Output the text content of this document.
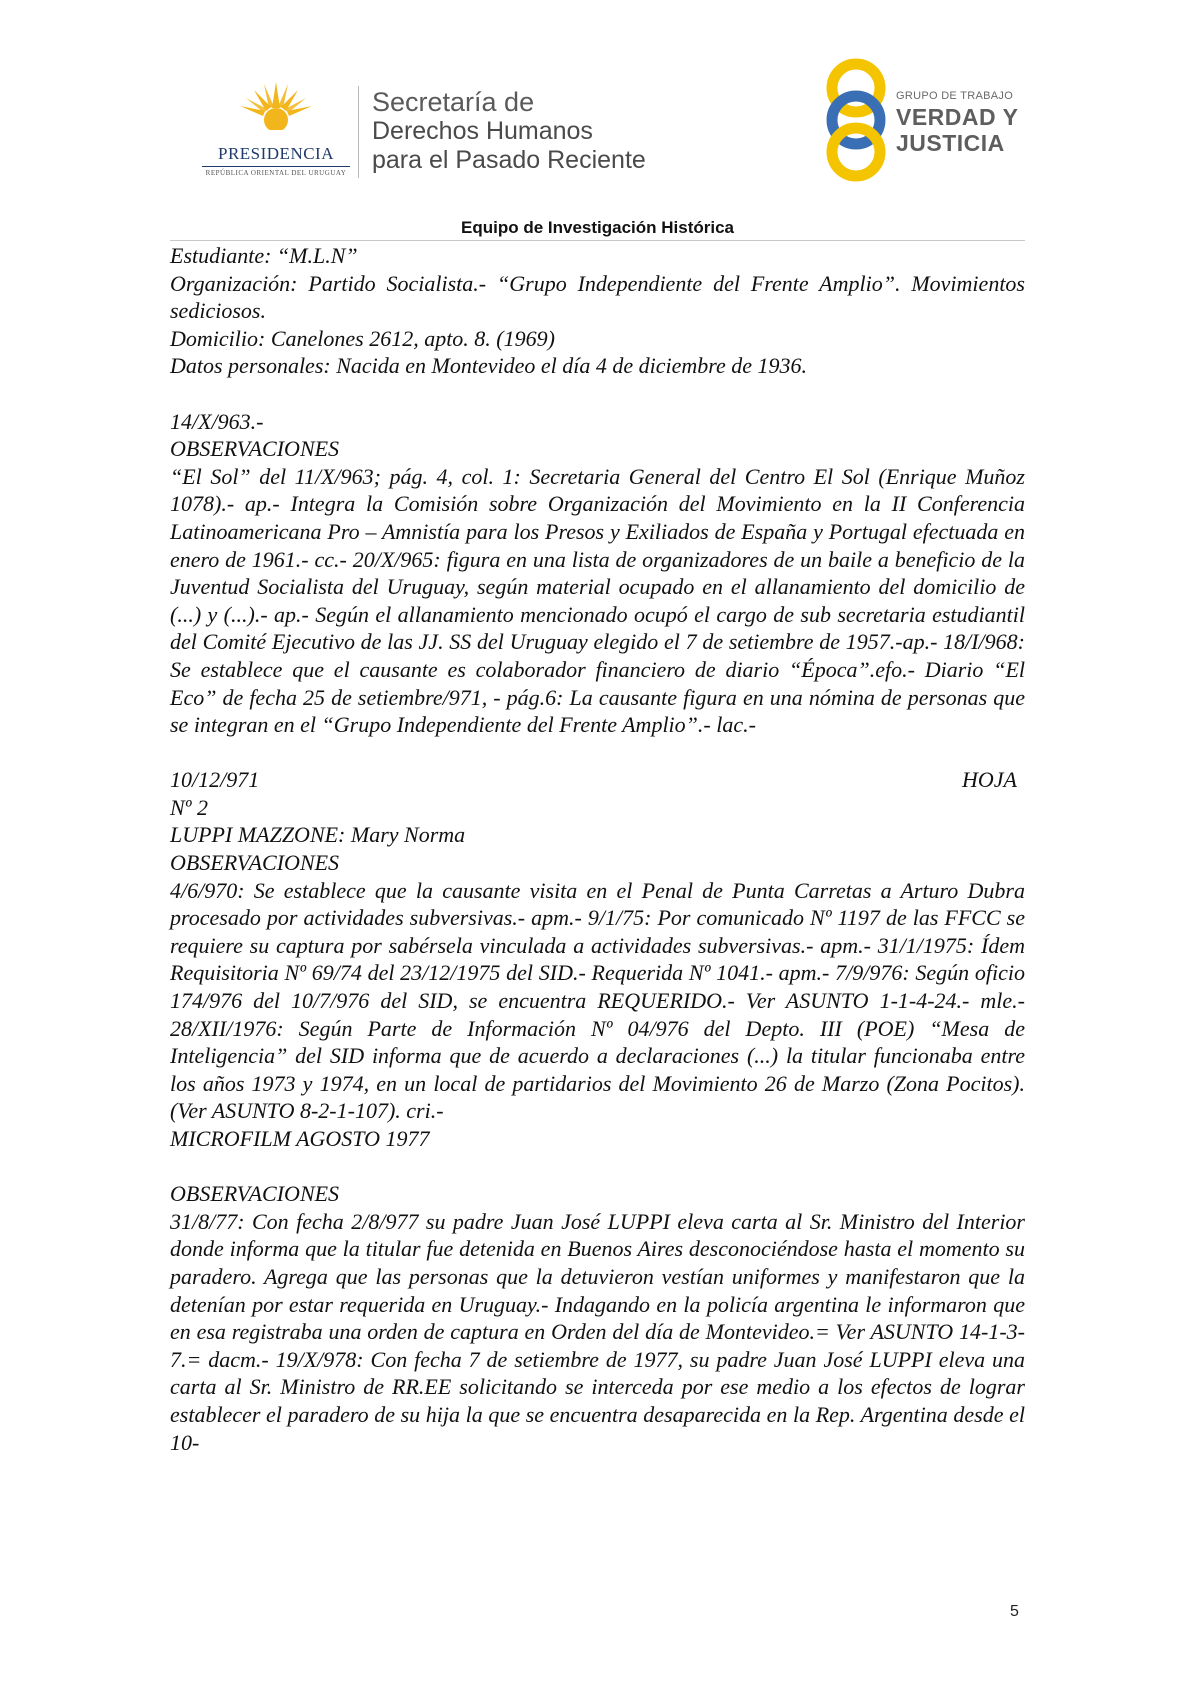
PRESIDENCIA
REPÚBLICA ORIENTAL DEL URUGUAY
Secretaría de
Derechos Humanos
para el Pasado Reciente
GRUPO DE TRABAJO
VERDAD Y
JUSTICIA
Equipo de Investigación Histórica

Estudiante: “M.L.N”

Organización: Partido Socialista.- “Grupo Independiente del Frente Amplio”. Movimientos sediciosos.

Domicilio: Canelones 2612, apto. 8. (1969)

Datos personales: Nacida en Montevideo el día 4 de diciembre de 1936.

14/X/963.-

OBSERVACIONES

“El Sol” del 11/X/963; pág. 4, col. 1: Secretaria General del Centro El Sol (Enrique Muñoz 1078).- ap.- Integra la Comisión sobre Organización del Movimiento en la II Conferencia Latinoamericana Pro – Amnistía para los Presos y Exiliados de España y Portugal efectuada en enero de 1961.- cc.- 20/X/965: figura en una lista de organizadores de un baile a beneficio de la Juventud Socialista del Uruguay, según material ocupado en el allanamiento del domicilio de (...) y (...).- ap.- Según el allanamiento mencionado ocupó el cargo de sub secretaria estudiantil del Comité Ejecutivo de las JJ. SS del Uruguay elegido el 7 de setiembre de 1957.-ap.- 18/I/968: Se establece que el causante es colaborador financiero de diario “Época”.efo.- Diario “El Eco” de fecha 25 de setiembre/971, - pág.6: La causante figura en una nómina de personas que se integran en el “Grupo Independiente del Frente Amplio”.- lac.-

10/12/971	HOJA

Nº 2

LUPPI MAZZONE: Mary Norma

OBSERVACIONES

4/6/970: Se establece que la causante visita en el Penal de Punta Carretas a Arturo Dubra procesado por actividades subversivas.- apm.- 9/1/75: Por comunicado Nº 1197 de las FFCC se requiere su captura por sabérsela vinculada a actividades subversivas.- apm.- 31/1/1975: Ídem Requisitoria Nº 69/74 del 23/12/1975 del SID.- Requerida Nº 1041.- apm.- 7/9/976: Según oficio 174/976 del 10/7/976 del SID, se encuentra REQUERIDO.- Ver ASUNTO 1-1-4-24.- mle.- 28/XII/1976: Según Parte de Información Nº 04/976 del Depto. III (POE) “Mesa de Inteligencia” del SID informa que de acuerdo a declaraciones (...) la titular funcionaba entre los años 1973 y 1974, en un local de partidarios del Movimiento 26 de Marzo (Zona Pocitos). (Ver ASUNTO 8-2-1-107). cri.-

MICROFILM AGOSTO 1977

OBSERVACIONES

31/8/77: Con fecha 2/8/977 su padre Juan José LUPPI eleva carta al Sr. Ministro del Interior donde informa que la titular fue detenida en Buenos Aires desconociéndose hasta el momento su paradero. Agrega que las personas que la detuvieron vestían uniformes y manifestaron que la detenían por estar requerida en Uruguay.- Indagando en la policía argentina le informaron que en esa registraba una orden de captura en Orden del día de Montevideo.= Ver ASUNTO 14-1-3-7.= dacm.- 19/X/978: Con fecha 7 de setiembre de 1977, su padre Juan José LUPPI eleva una carta al Sr. Ministro de RR.EE solicitando se interceda por ese medio a los efectos de lograr establecer el paradero de su hija la que se encuentra desaparecida en la Rep. Argentina desde el 10-

5
